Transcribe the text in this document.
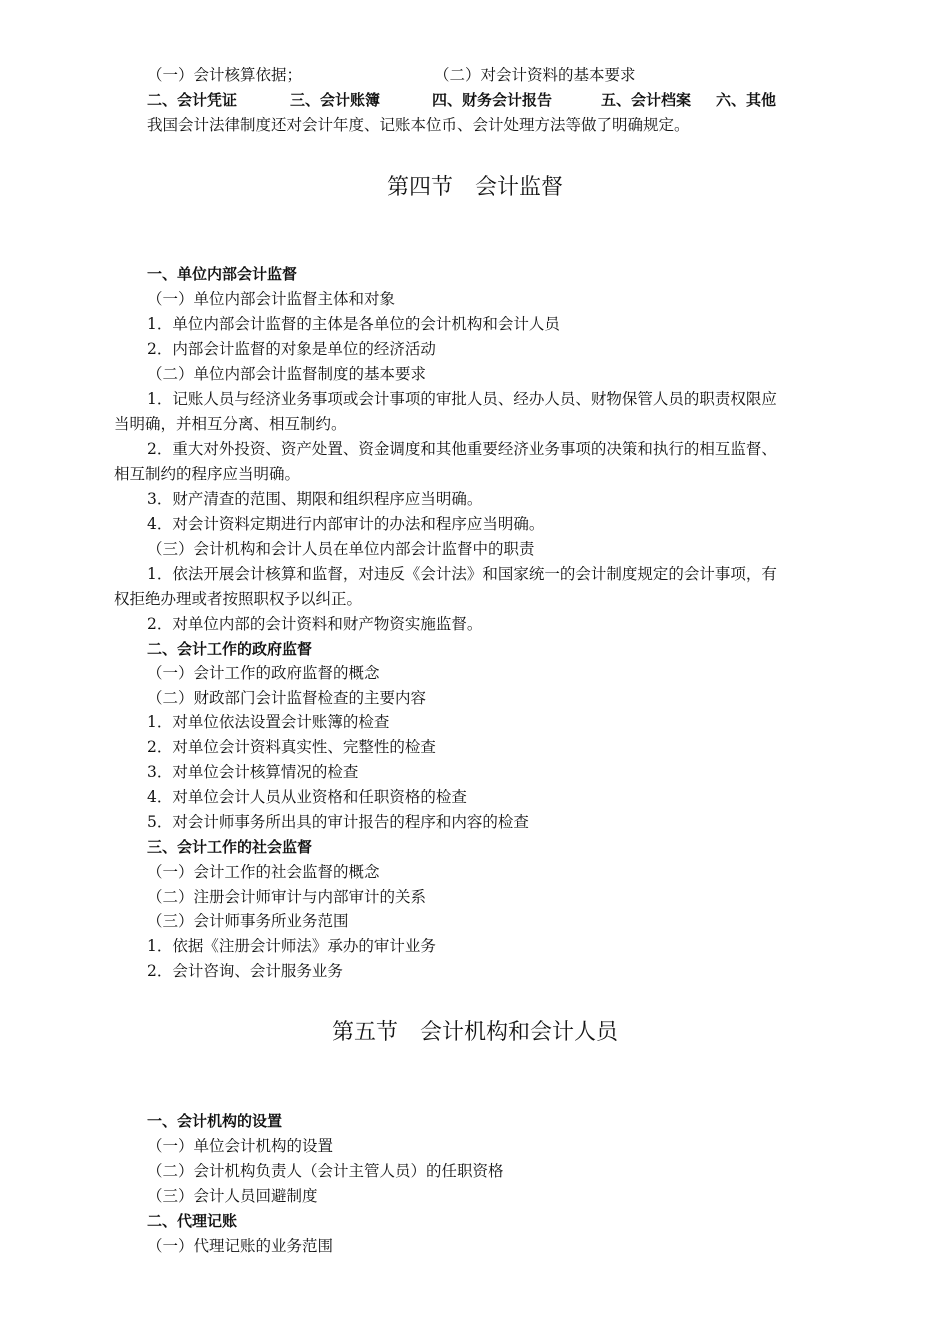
（一）会计核算依据；	（二）对会计资料的基本要求
二、会计凭证	三、会计账簿	四、财务会计报告	五、会计档案 六、其他
我国会计法律制度还对会计年度、记账本位币、会计处理方法等做了明确规定。
第四节　会计监督
一、单位内部会计监督
（一）单位内部会计监督主体和对象
1．单位内部会计监督的主体是各单位的会计机构和会计人员
2．内部会计监督的对象是单位的经济活动
（二）单位内部会计监督制度的基本要求
1．记账人员与经济业务事项或会计事项的审批人员、经办人员、财物保管人员的职责权限应
当明确，并相互分离、相互制约。
2．重大对外投资、资产处置、资金调度和其他重要经济业务事项的决策和执行的相互监督、
相互制约的程序应当明确。
3．财产清查的范围、期限和组织程序应当明确。
4．对会计资料定期进行内部审计的办法和程序应当明确。
（三）会计机构和会计人员在单位内部会计监督中的职责
1．依法开展会计核算和监督，对违反《会计法》和国家统一的会计制度规定的会计事项，有
权拒绝办理或者按照职权予以纠正。
2．对单位内部的会计资料和财产物资实施监督。
二、会计工作的政府监督
（一）会计工作的政府监督的概念
（二）财政部门会计监督检查的主要内容
1．对单位依法设置会计账簿的检查
2．对单位会计资料真实性、完整性的检查
3．对单位会计核算情况的检查
4．对单位会计人员从业资格和任职资格的检查
5．对会计师事务所出具的审计报告的程序和内容的检查
三、会计工作的社会监督
（一）会计工作的社会监督的概念
（二）注册会计师审计与内部审计的关系
（三）会计师事务所业务范围
1．依据《注册会计师法》承办的审计业务
2．会计咨询、会计服务业务
第五节　会计机构和会计人员
一、会计机构的设置
（一）单位会计机构的设置
（二）会计机构负责人（会计主管人员）的任职资格
（三）会计人员回避制度
二、代理记账
（一）代理记账的业务范围
